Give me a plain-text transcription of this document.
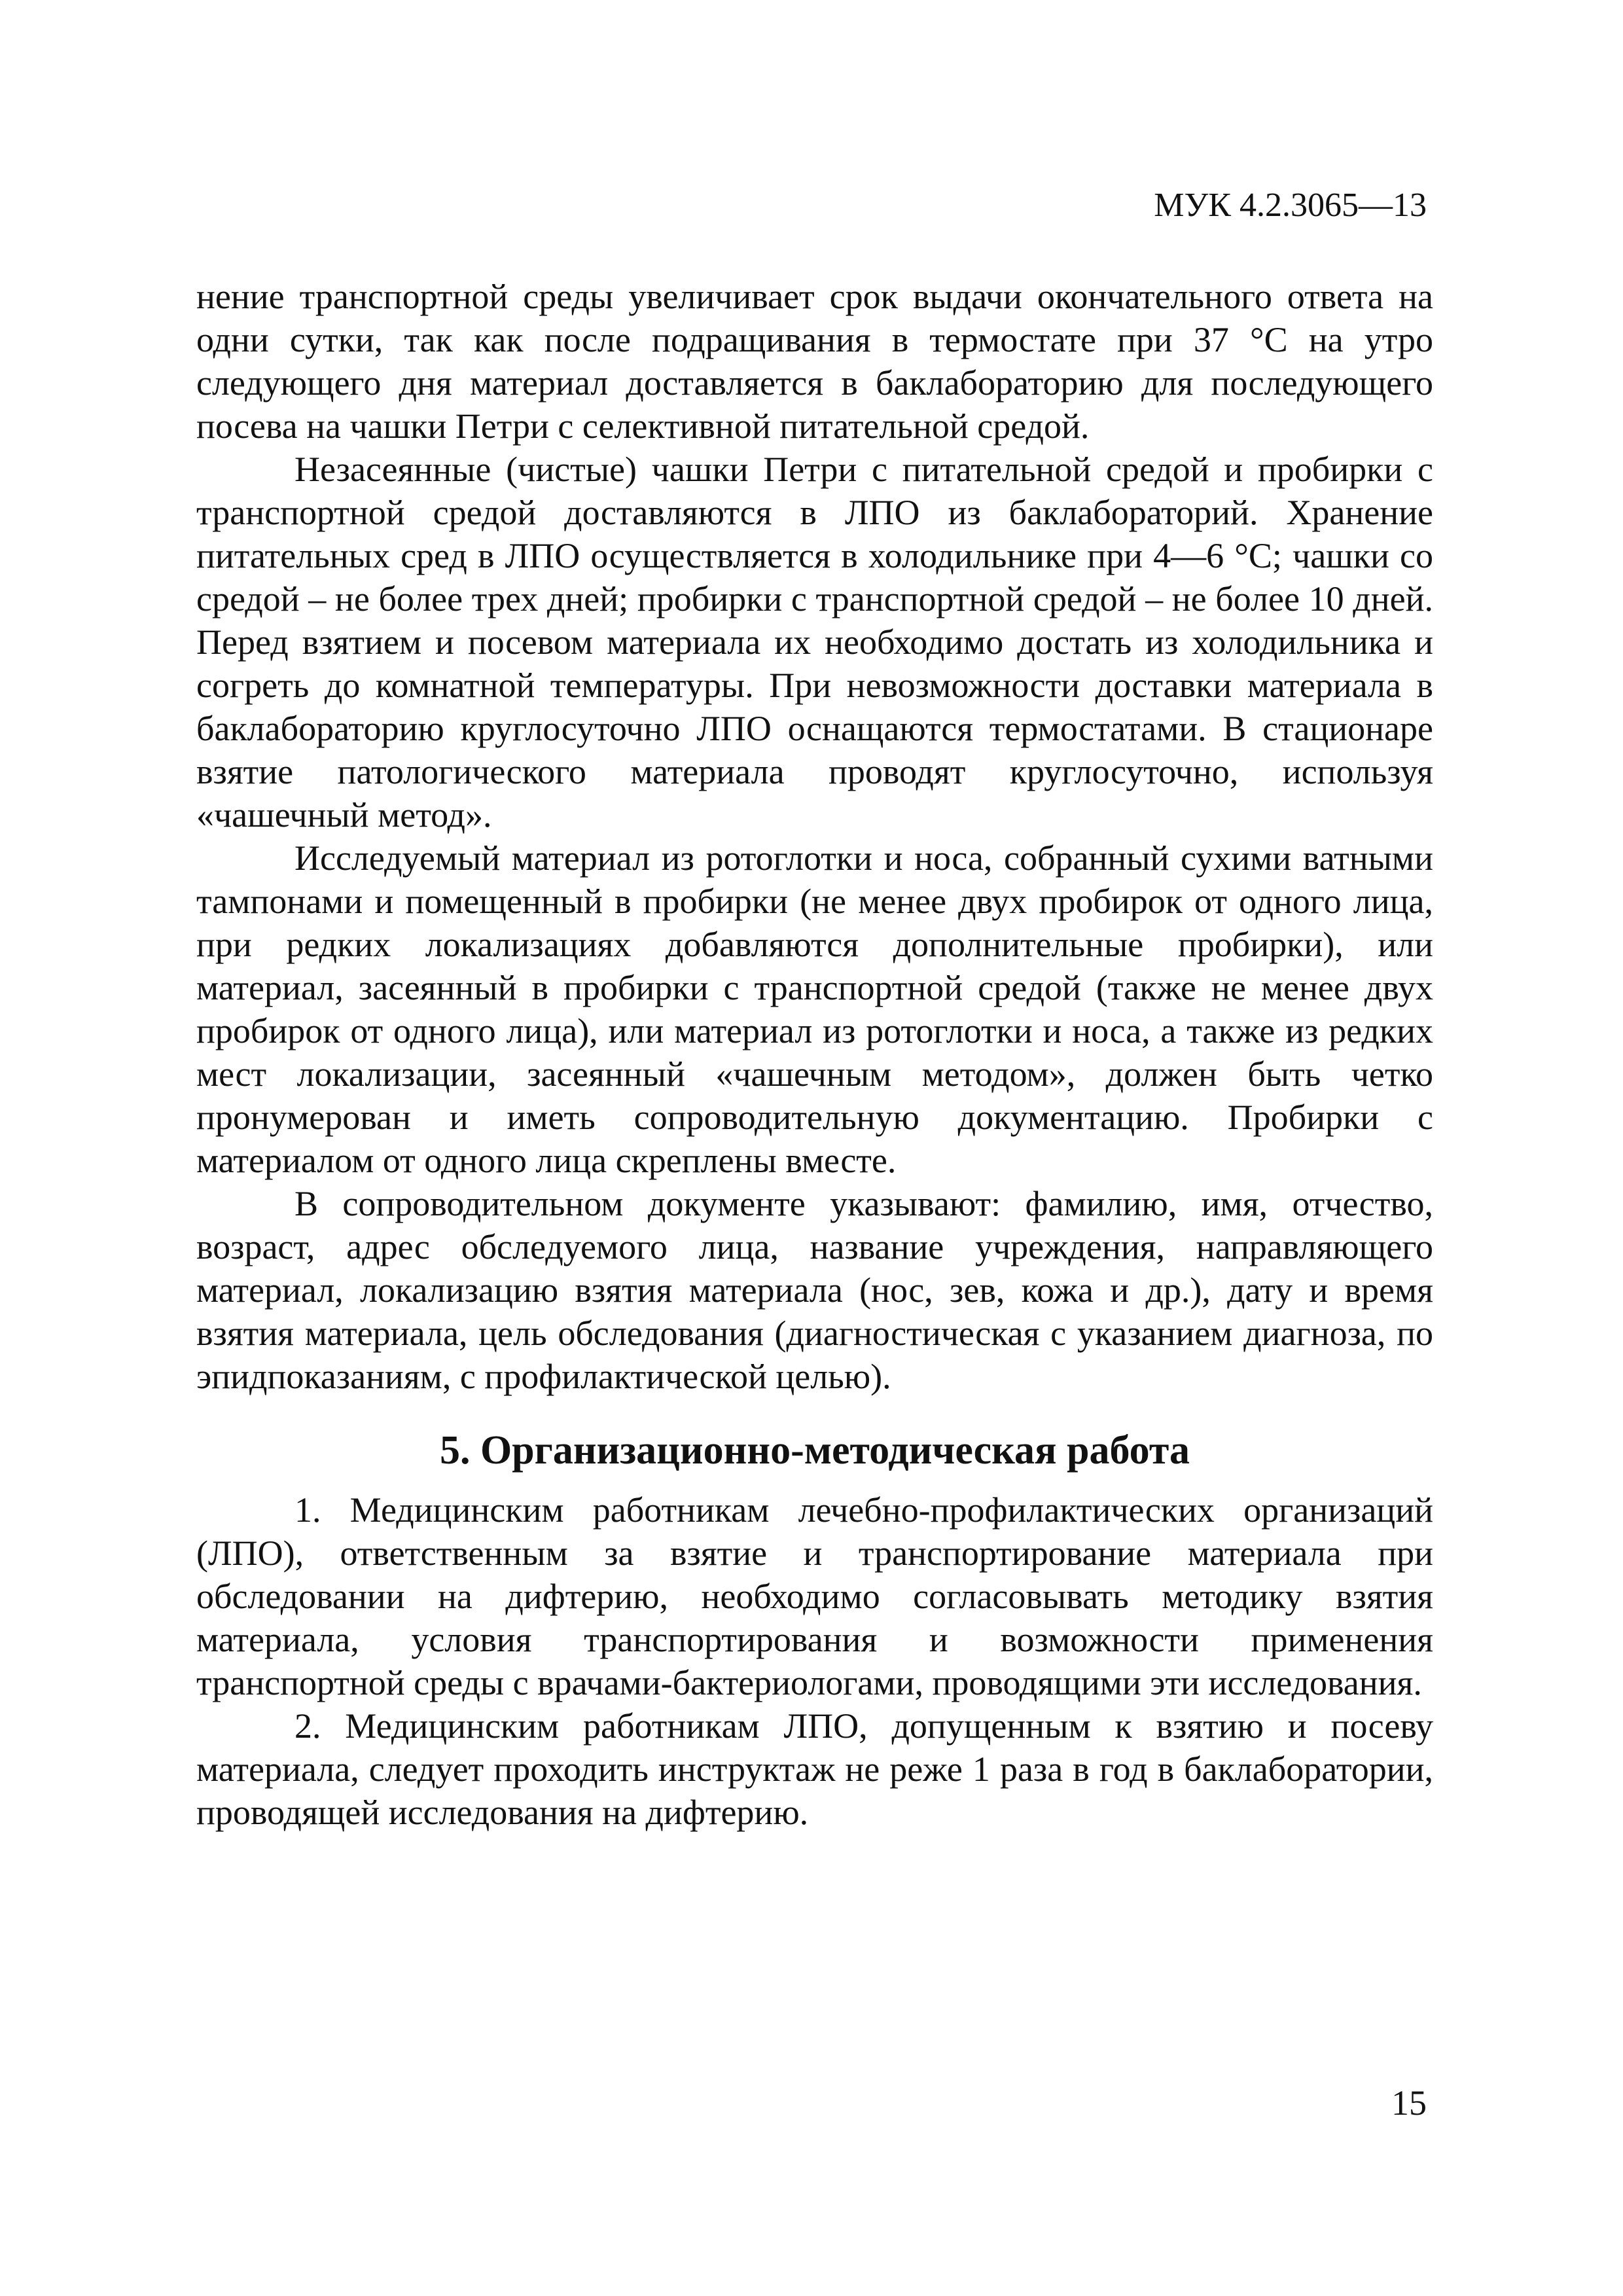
МУК 4.2.3065—13

нение транспортной среды увеличивает срок выдачи окончательного ответа на одни сутки, так как после подращивания в термостате при 37 °С на утро следующего дня материал доставляется в баклабораторию для последующего посева на чашки Петри с селективной питательной средой.

Незасеянные (чистые) чашки Петри с питательной средой и пробирки с транспортной средой доставляются в ЛПО из баклабораторий. Хранение питательных сред в ЛПО осуществляется в холодильнике при 4—6 °С; чашки со средой – не более трех дней; пробирки с транспортной средой – не более 10 дней. Перед взятием и посевом материала их необходимо достать из холодильника и согреть до комнатной температуры. При невозможности доставки материала в баклабораторию круглосуточно ЛПО оснащаются термостатами. В стационаре взятие патологического материала проводят круглосуточно, используя «чашечный метод».

Исследуемый материал из ротоглотки и носа, собранный сухими ватными тампонами и помещенный в пробирки (не менее двух пробирок от одного лица, при редких локализациях добавляются дополнительные пробирки), или материал, засеянный в пробирки с транспортной средой (также не менее двух пробирок от одного лица), или материал из ротоглотки и носа, а также из редких мест локализации, засеянный «чашечным методом», должен быть четко пронумерован и иметь сопроводительную документацию. Пробирки с материалом от одного лица скреплены вместе.

В сопроводительном документе указывают: фамилию, имя, отчество, возраст, адрес обследуемого лица, название учреждения, направляющего материал, локализацию взятия материала (нос, зев, кожа и др.), дату и время взятия материала, цель обследования (диагностическая с указанием диагноза, по эпидпоказаниям, с профилактической целью).

5. Организационно-методическая работа

1. Медицинским работникам лечебно-профилактических организаций (ЛПО), ответственным за взятие и транспортирование материала при обследовании на дифтерию, необходимо согласовывать методику взятия материала, условия транспортирования и возможности применения транспортной среды с врачами-бактериологами, проводящими эти исследования.

2. Медицинским работникам ЛПО, допущенным к взятию и посеву материала, следует проходить инструктаж не реже 1 раза в год в баклаборатории, проводящей исследования на дифтерию.

15
